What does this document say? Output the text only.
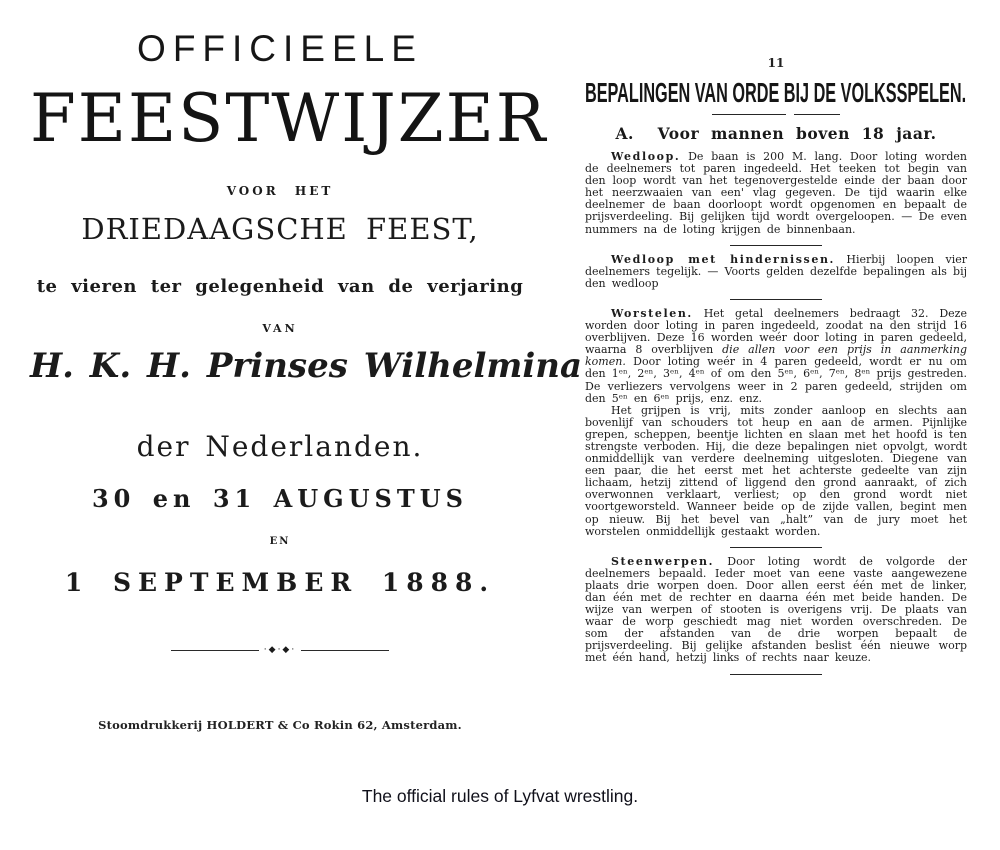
OFFICIEELE
FEESTWIJZER
VOOR HET
DRIEDAAGSCHE FEEST,
te vieren ter gelegenheid van de verjaring
VAN
H. K. H. Prinses Wilhelmina
der Nederlanden.
30 en 31 AUGUSTUS
EN
1 SEPTEMBER 1888.
·◆·◆·
Stoomdrukkerij HOLDERT & Co Rokin 62, Amsterdam.
11
BEPALINGEN VAN ORDE BIJ DE VOLKSSPELEN.
A.  Voor mannen boven 18 jaar.

Wedloop. De baan is 200 M. lang. Door loting worden de deelnemers tot paren ingedeeld. Het teeken tot begin van den loop wordt van het tegenovergestelde einde der baan door het neerzwaaien van een' vlag gegeven. De tijd waarin elke deelnemer de baan doorloopt wordt opgenomen en bepaalt de prijsverdeeling. Bij gelijken tijd wordt overgeloopen. — De even nummers na de loting krijgen de binnenbaan.

Wedloop met hindernissen. Hierbij loopen vier deelnemers tegelijk. — Voorts gelden dezelfde bepalingen als bij den wedloop

Worstelen. Het getal deelnemers bedraagt 32. Deze worden door loting in paren ingedeeld, zoodat na den strijd 16 overblijven. Deze 16 worden weér door loting in paren gedeeld, waarna 8 overblijven die allen voor een prijs in aanmerking komen. Door loting weér in 4 paren gedeeld, wordt er nu om den 1ᵉⁿ, 2ᵉⁿ, 3ᵉⁿ, 4ᵉⁿ of om den 5ᵉⁿ, 6ᵉⁿ, 7ᵉⁿ, 8ᵉⁿ prijs gestreden. De verliezers vervolgens weer in 2 paren gedeeld, strijden om den 5ᵉⁿ en 6ᵉⁿ prijs, enz. enz.

Het grijpen is vrij, mits zonder aanloop en slechts aan bovenlijf van schouders tot heup en aan de armen. Pijnlijke grepen, scheppen, beentje lichten en slaan met het hoofd is ten strengste verboden. Hij, die deze bepalingen niet opvolgt, wordt onmiddellijk van verdere deelneming uitgesloten. Diegene van een paar, die het eerst met het achterste gedeelte van zijn lichaam, hetzij zittend of liggend den grond aanraakt, of zich overwonnen verklaart, verliest; op den grond wordt niet voortgeworsteld. Wanneer beide op de zijde vallen, begint men op nieuw. Bij het bevel van „halt” van de jury moet het worstelen onmiddellijk gestaakt worden.

Steenwerpen. Door loting wordt de volgorde der deelnemers bepaald. Ieder moet van eene vaste aangewezene plaats drie worpen doen. Door allen eerst één met de linker, dan één met de rechter en daarna één met beide handen. De wijze van werpen of stooten is overigens vrij. De plaats van waar de worp geschiedt mag niet worden overschreden. De som der afstanden van de drie worpen bepaalt de prijsverdeeling. Bij gelijke afstanden beslist één nieuwe worp met één hand, hetzij links of rechts naar keuze.

The official rules of Lyfvat wrestling.
